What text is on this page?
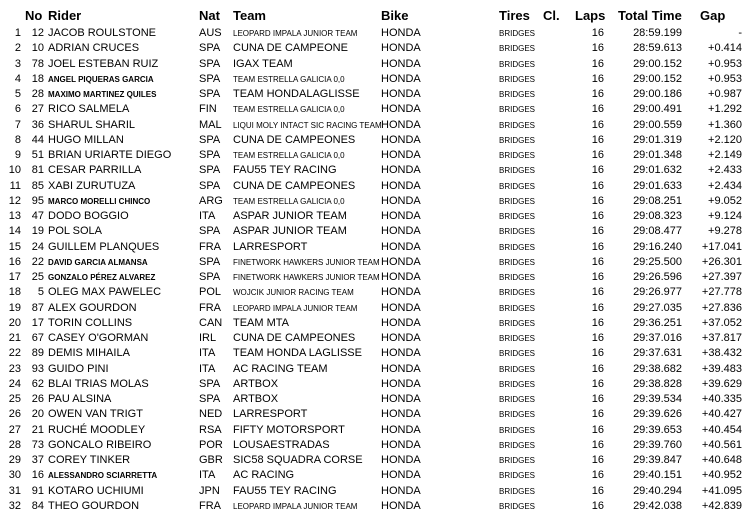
No Rider	Nat Team	Bike	Tires Cl. Laps Total Time Gap
1 12 JACOB ROULSTONE	AUS LEOPARD IMPALA JUNIOR TEAM HONDA	BRIDGES	16	28:59.199	-
2 10 ADRIAN CRUCES	SPA CUNA DE CAMPEONE	HONDA	BRIDGES	16	28:59.613	+0.414
3 78 JOEL ESTEBAN RUIZ	SPA IGAX TEAM	HONDA	BRIDGES	16	29:00.152	+0.953
4 18 ANGEL PIQUERAS GARCIA	SPA TEAM ESTRELLA GALICIA 0,0	HONDA	BRIDGES	16	29:00.152	+0.953
5 28 MAXIMO MARTINEZ QUILES	SPA TEAM HONDALAGLISSE HONDA	BRIDGES	16	29:00.186	+0.987
6 27 RICO SALMELA	FIN TEAM ESTRELLA GALICIA 0,0	HONDA	BRIDGES	16	29:00.491	+1.292
7 36 SHARUL SHARIL	MAL LIQUI MOLY INTACT SIC RACING TEAM HONDA	BRIDGES	16	29:00.559	+1.360
8 44 HUGO MILLAN	SPA CUNA DE CAMPEONES HONDA	BRIDGES	16	29:01.319	+2.120
9 51 BRIAN URIARTE DIEGO	SPA TEAM ESTRELLA GALICIA 0,0	HONDA	BRIDGES	16	29:01.348	+2.149
10 81 CESAR PARRILLA	SPA FAU55 TEY RACING	HONDA	BRIDGES	16	29:01.632	+2.433
11 85 XABI ZURUTUZA	SPA CUNA DE CAMPEONES HONDA	BRIDGES	16	29:01.633	+2.434
12 95 MARCO MORELLI CHINCO	ARG TEAM ESTRELLA GALICIA 0,0	HONDA	BRIDGES	16	29:08.251	+9.052
13 47 DODO BOGGIO	ITA ASPAR JUNIOR TEAM	HONDA	BRIDGES	16	29:08.323	+9.124
14 19 POL SOLA	SPA ASPAR JUNIOR TEAM	HONDA	BRIDGES	16	29:08.477	+9.278
15 24 GUILLEM PLANQUES	FRA LARRESPORT	HONDA	BRIDGES	16	29:16.240	+17.041
16 22 DAVID GARCIA ALMANSA	SPA FINETWORK HAWKERS JUNIOR TEAM HONDA	BRIDGES	16	29:25.500	+26.301
17 25 GONZALO PÉREZ ALVAREZ	SPA FINETWORK HAWKERS JUNIOR TEAM HONDA	BRIDGES	16	29:26.596	+27.397
18	5 OLEG MAX PAWELEC	POL WOJCIK JUNIOR RACING TEAM HONDA	BRIDGES	16	29:26.977	+27.778
19 87 ALEX GOURDON	FRA LEOPARD IMPALA JUNIOR TEAM HONDA	BRIDGES	16	29:27.035	+27.836
20 17 TORIN COLLINS	CAN TEAM MTA	HONDA	BRIDGES	16	29:36.251	+37.052
21 67 CASEY O'GORMAN	IRL CUNA DE CAMPEONES HONDA	BRIDGES	16	29:37.016	+37.817
22 89 DEMIS MIHAILA	ITA TEAM HONDA LAGLISSE HONDA	BRIDGES	16	29:37.631	+38.432
23 93 GUIDO PINI	ITA AC RACING TEAM	HONDA	BRIDGES	16	29:38.682	+39.483
24 62 BLAI TRIAS MOLAS	SPA ARTBOX	HONDA	BRIDGES	16	29:38.828	+39.629
25 26 PAU ALSINA	SPA ARTBOX	HONDA	BRIDGES	16	29:39.534	+40.335
26 20 OWEN VAN TRIGT	NED LARRESPORT	HONDA	BRIDGES	16	29:39.626	+40.427
27 21 RUCHÉ MOODLEY	RSA FIFTY MOTORSPORT	HONDA	BRIDGES	16	29:39.653	+40.454
28 73 GONCALO RIBEIRO	POR LOUSAESTRADAS	HONDA	BRIDGES	16	29:39.760	+40.561
29 37 COREY TINKER	GBR SIC58 SQUADRA CORSE HONDA	BRIDGES	16	29:39.847	+40.648
30 16 ALESSANDRO SCIARRETTA	ITA AC RACING	HONDA	BRIDGES	16	29:40.151	+40.952
31 91 KOTARO UCHIUMI	JPN FAU55 TEY RACING	HONDA	BRIDGES	16	29:40.294	+41.095
32 84 THEO GOURDON	FRA LEOPARD IMPALA JUNIOR TEAM HONDA	BRIDGES	16	29:42.038	+42.839
